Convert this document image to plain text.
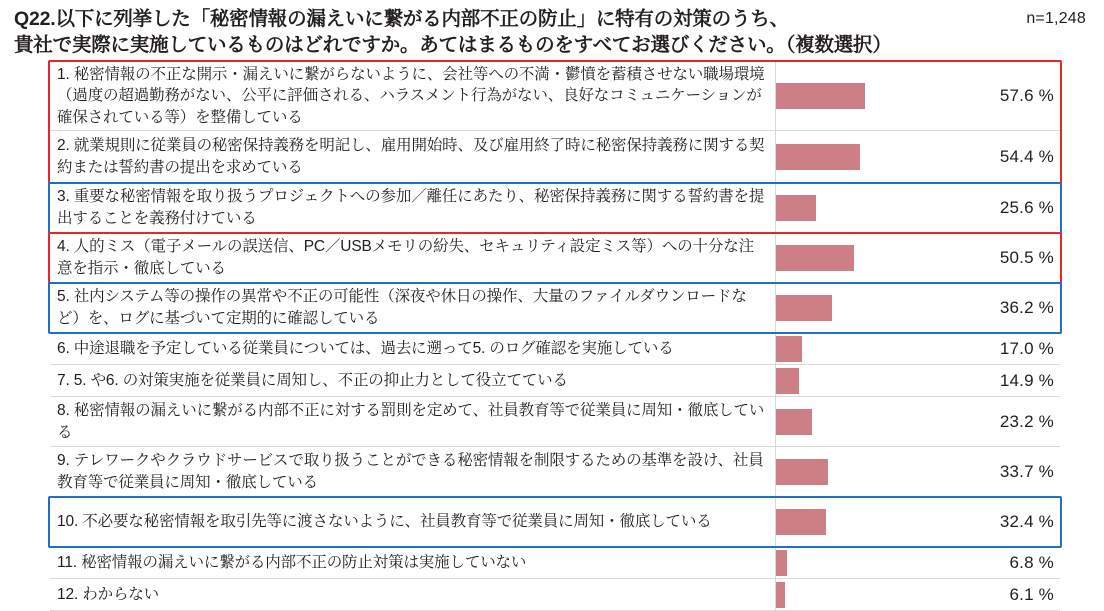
Q22.以下に列挙した「秘密情報の漏えいに繋がる内部不正の防止」に特有の対策のうち、
貴社で実際に実施しているものはどれですか。あてはまるものをすべてお選びください。（複数選択）
n=1,248
1. 秘密情報の不正な開示・漏えいに繋がらないように、会社等への不満・鬱憤を蓄積させない職場環境（過度の超過勤務がない、公平に評価される、ハラスメント行為がない、良好なコミュニケーションが確保されている等）を整備している
57.6 %
2. 就業規則に従業員の秘密保持義務を明記し、雇用開始時、及び雇用終了時に秘密保持義務に関する契約または誓約書の提出を求めている
54.4 %
3. 重要な秘密情報を取り扱うプロジェクトへの参加／離任にあたり、秘密保持義務に関する誓約書を提出することを義務付けている
25.6 %
4. 人的ミス（電子メールの誤送信、PC／USBメモリの紛失、セキュリティ設定ミス等）への十分な注意を指示・徹底している
50.5 %
5. 社内システム等の操作の異常や不正の可能性（深夜や休日の操作、大量のファイルダウンロードなど）を、ログに基づいて定期的に確認している
36.2 %
6. 中途退職を予定している従業員については、過去に遡って5. のログ確認を実施している	17.0 %
7. 5. や6. の対策実施を従業員に周知し、不正の抑止力として役立てている	14.9 %
8. 秘密情報の漏えいに繋がる内部不正に対する罰則を定めて、社員教育等で従業員に周知・徹底している
23.2 %
9. テレワークやクラウドサービスで取り扱うことができる秘密情報を制限するための基準を設け、社員教育等で従業員に周知・徹底している
33.7 %
10. 不必要な秘密情報を取引先等に渡さないように、社員教育等で従業員に周知・徹底している	32.4 %
11. 秘密情報の漏えいに繋がる内部不正の防止対策は実施していない	6.8 %
12. わからない	6.1 %
